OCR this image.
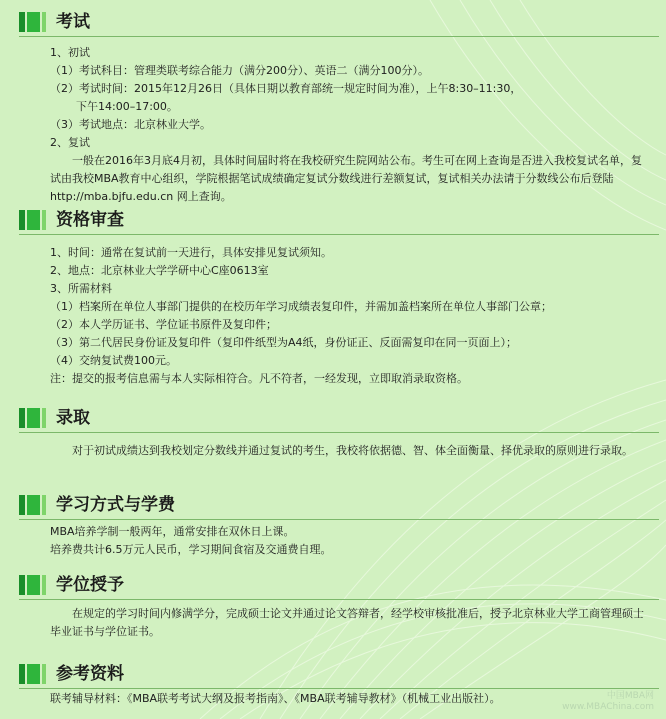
考试
1、初试
（1）考试科目：管理类联考综合能力（满分200分）、英语二（满分100分）。
（2）考试时间：2015年12月26日（具体日期以教育部统一规定时间为准），上午8:30–11:30，
下午14:00–17:00。
（3）考试地点：北京林业大学。
2、复试
一般在2016年3月底4月初，具体时间届时将在我校研究生院网站公布。考生可在网上查询是否进入我校复试名单，复试由我校MBA教育中心组织，学院根据笔试成绩确定复试分数线进行差额复试，复试相关办法请于分数线公布后登陆http://mba.bjfu.edu.cn 网上查询。
资格审查
1、时间：通常在复试前一天进行，具体安排见复试须知。
2、地点：北京林业大学学研中心C座0613室
3、所需材料
（1）档案所在单位人事部门提供的在校历年学习成绩表复印件，并需加盖档案所在单位人事部门公章；
（2）本人学历证书、学位证书原件及复印件；
（3）第二代居民身份证及复印件（复印件纸型为A4纸，身份证正、反面需复印在同一页面上）；
（4）交纳复试费100元。
注：提交的报考信息需与本人实际相符合。凡不符者，一经发现，立即取消录取资格。
录取
对于初试成绩达到我校划定分数线并通过复试的考生，我校将依据德、智、体全面衡量、择优录取的原则进行录取。
学习方式与学费
MBA培养学制一般两年，通常安排在双休日上课。
培养费共计6.5万元人民币，学习期间食宿及交通费自理。
学位授予
在规定的学习时间内修满学分，完成硕士论文并通过论文答辩者，经学校审核批准后，授予北京林业大学工商管理硕士毕业证书与学位证书。
参考资料
联考辅导材料：《MBA联考考试大纲及报考指南》、《MBA联考辅导教材》（机械工业出版社）。	中国MBA网
www.MBAChina.com
